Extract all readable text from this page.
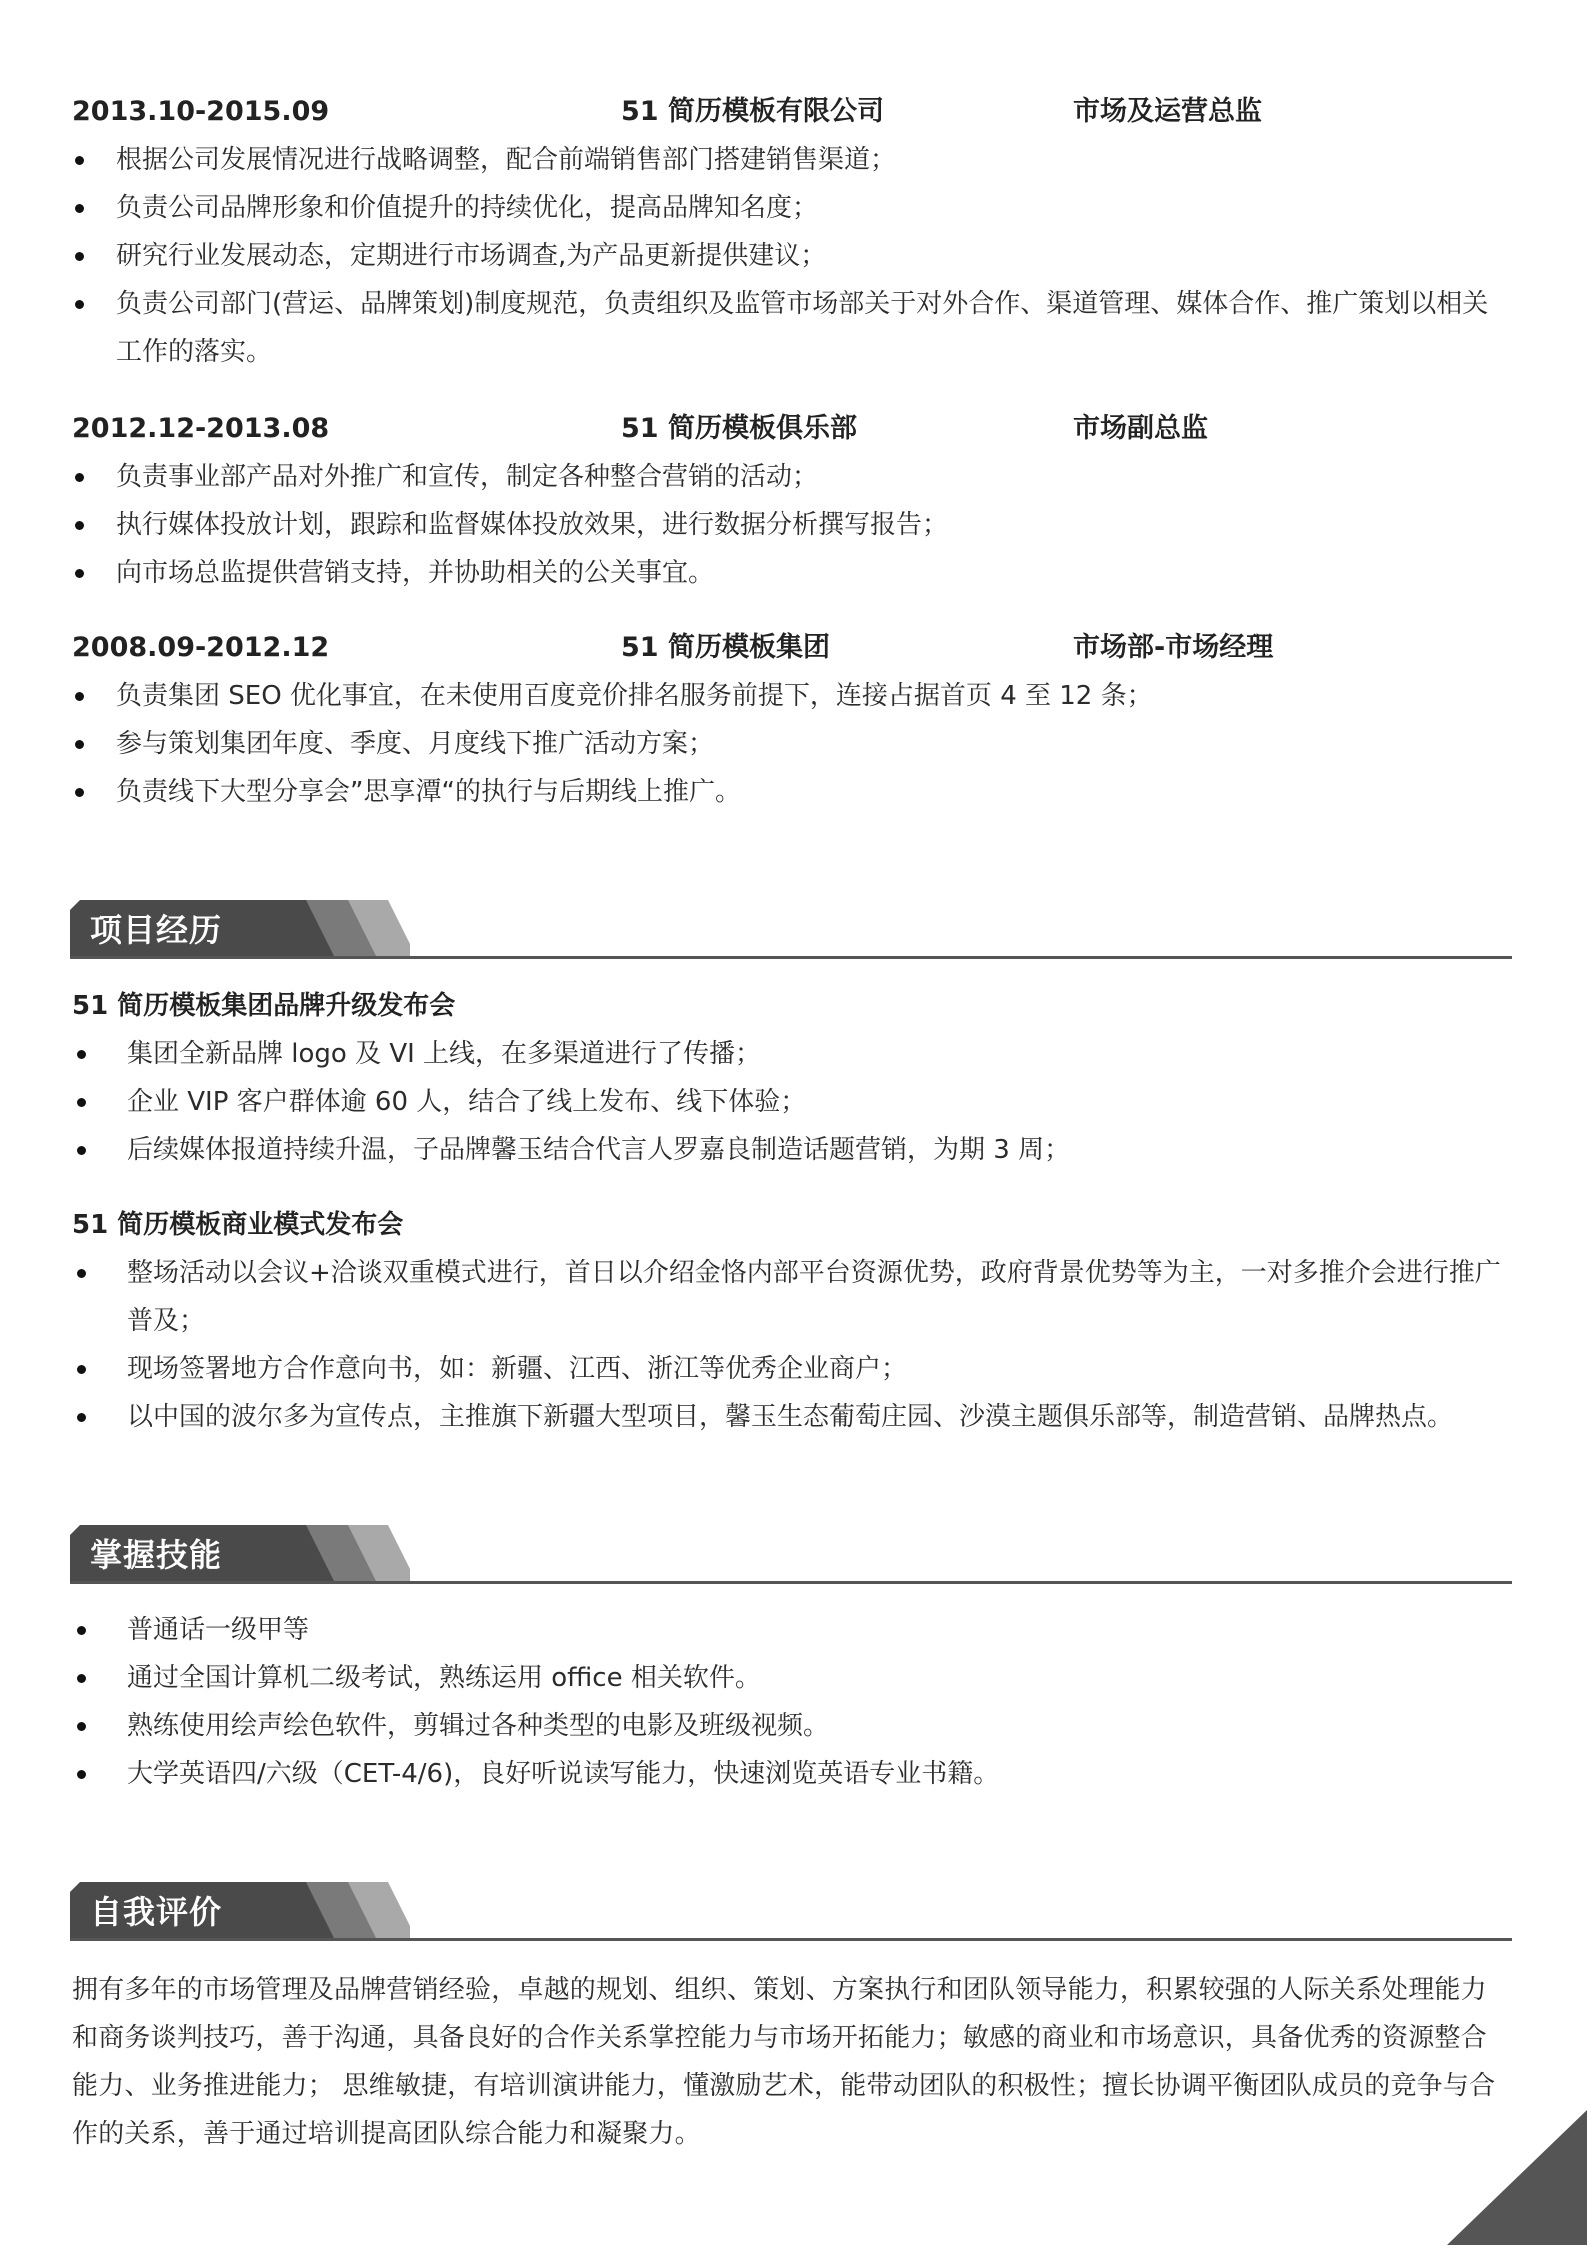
2013.10-2015.09	51 简历模板有限公司	市场及运营总监
根据公司发展情况进行战略调整，配合前端销售部门搭建销售渠道；
负责公司品牌形象和价值提升的持续优化，提高品牌知名度；
研究行业发展动态，定期进行市场调查,为产品更新提供建议；
负责公司部门(营运、品牌策划)制度规范，负责组织及监管市场部关于对外合作、渠道管理、媒体合作、推广策划以相关工作的落实。
2012.12-2013.08	51 简历模板俱乐部	市场副总监
负责事业部产品对外推广和宣传，制定各种整合营销的活动；
执行媒体投放计划，跟踪和监督媒体投放效果，进行数据分析撰写报告；
向市场总监提供营销支持，并协助相关的公关事宜。
2008.09-2012.12	51 简历模板集团	市场部-市场经理
负责集团 SEO 优化事宜，在未使用百度竞价排名服务前提下，连接占据首页 4 至 12 条；
参与策划集团年度、季度、月度线下推广活动方案；
负责线下大型分享会”思享潭“的执行与后期线上推广。
项目经历
51 简历模板集团品牌升级发布会
集团全新品牌 logo 及 VI 上线，在多渠道进行了传播；
企业 VIP 客户群体逾 60 人，结合了线上发布、线下体验；
后续媒体报道持续升温，子品牌馨玉结合代言人罗嘉良制造话题营销，为期 3 周；
51 简历模板商业模式发布会
整场活动以会议+洽谈双重模式进行，首日以介绍金恪内部平台资源优势，政府背景优势等为主，一对多推介会进行推广普及；
现场签署地方合作意向书，如：新疆、江西、浙江等优秀企业商户；
以中国的波尔多为宣传点，主推旗下新疆大型项目，馨玉生态葡萄庄园、沙漠主题俱乐部等，制造营销、品牌热点。
掌握技能
普通话一级甲等
通过全国计算机二级考试，熟练运用 office 相关软件。
熟练使用绘声绘色软件，剪辑过各种类型的电影及班级视频。
大学英语四/六级（CET-4/6)，良好听说读写能力，快速浏览英语专业书籍。
自我评价

拥有多年的市场管理及品牌营销经验，卓越的规划、组织、策划、方案执行和团队领导能力，积累较强的人际关系处理能力和商务谈判技巧，善于沟通，具备良好的合作关系掌控能力与市场开拓能力；敏感的商业和市场意识，具备优秀的资源整合能力、业务推进能力； 思维敏捷，有培训演讲能力，懂激励艺术，能带动团队的积极性；擅长协调平衡团队成员的竞争与合作的关系，善于通过培训提高团队综合能力和凝聚力。
